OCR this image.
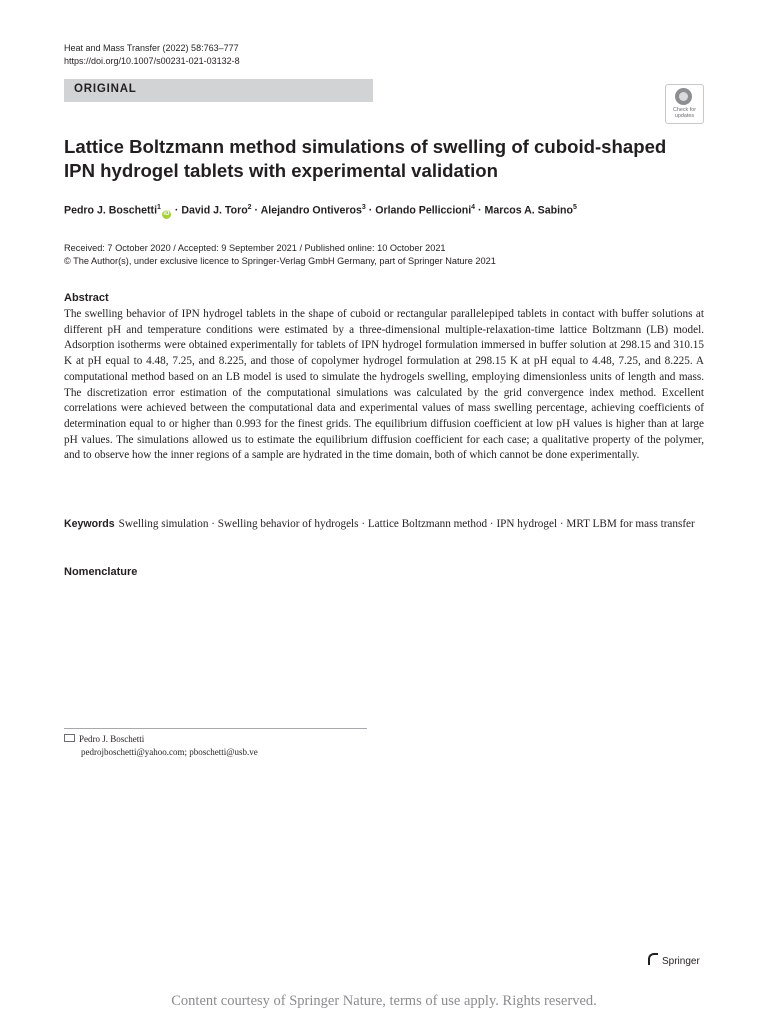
Heat and Mass Transfer (2022) 58:763–777
https://doi.org/10.1007/s00231-021-03132-8
ORIGINAL
Check for
updates
Lattice Boltzmann method simulations of swelling of cuboid-shaped IPN hydrogel tablets with experimental validation
Pedro J. Boschetti$^1$iD · David J. Toro$^2$ · Alejandro Ontiveros$^3$ · Orlando Pelliccioni$^4$ · Marcos A. Sabino$^5$
Received: 7 October 2020 / Accepted: 9 September 2021 / Published online: 10 October 2021
© The Author(s), under exclusive licence to Springer-Verlag GmbH Germany, part of Springer Nature 2021
Abstract

The swelling behavior of IPN hydrogel tablets in the shape of cuboid or rectangular parallelepiped tablets in contact with buffer solutions at different pH and temperature conditions were estimated by a three-dimensional multiple-relaxation-time lattice Boltzmann (LB) model. Adsorption isotherms were obtained experimentally for tablets of IPN hydrogel formulation immersed in buffer solution at 298.15 and 310.15 K at pH equal to 4.48, 7.25, and 8.225, and those of copolymer hydrogel formulation at 298.15 K at pH equal to 4.48, 7.25, and 8.225. A computational method based on an LB model is used to simulate the hydrogels swelling, employing dimensionless units of length and mass. The discretization error estimation of the computational simulations was calculated by the grid convergence index method. Excellent correlations were achieved between the computational data and experimental values of mass swelling percentage, achieving coefficients of determination equal to or higher than 0.993 for the finest grids. The equilibrium diffusion coefficient at low pH values is higher than at large pH values. The simulations allowed us to estimate the equilibrium diffusion coefficient for each case; a qualitative property of the polymer, and to observe how the inner regions of a sample are hydrated in the time domain, both of which cannot be done experimentally.

Keywords Swelling simulation · Swelling behavior of hydrogels · Lattice Boltzmann method · IPN hydrogel · MRT LBM for mass transfer
Nomenclature
Pedro J. Boschetti
pedrojboschetti@yahoo.com; pboschetti@usb.ve
Springer
Content courtesy of Springer Nature, terms of use apply. Rights reserved.
